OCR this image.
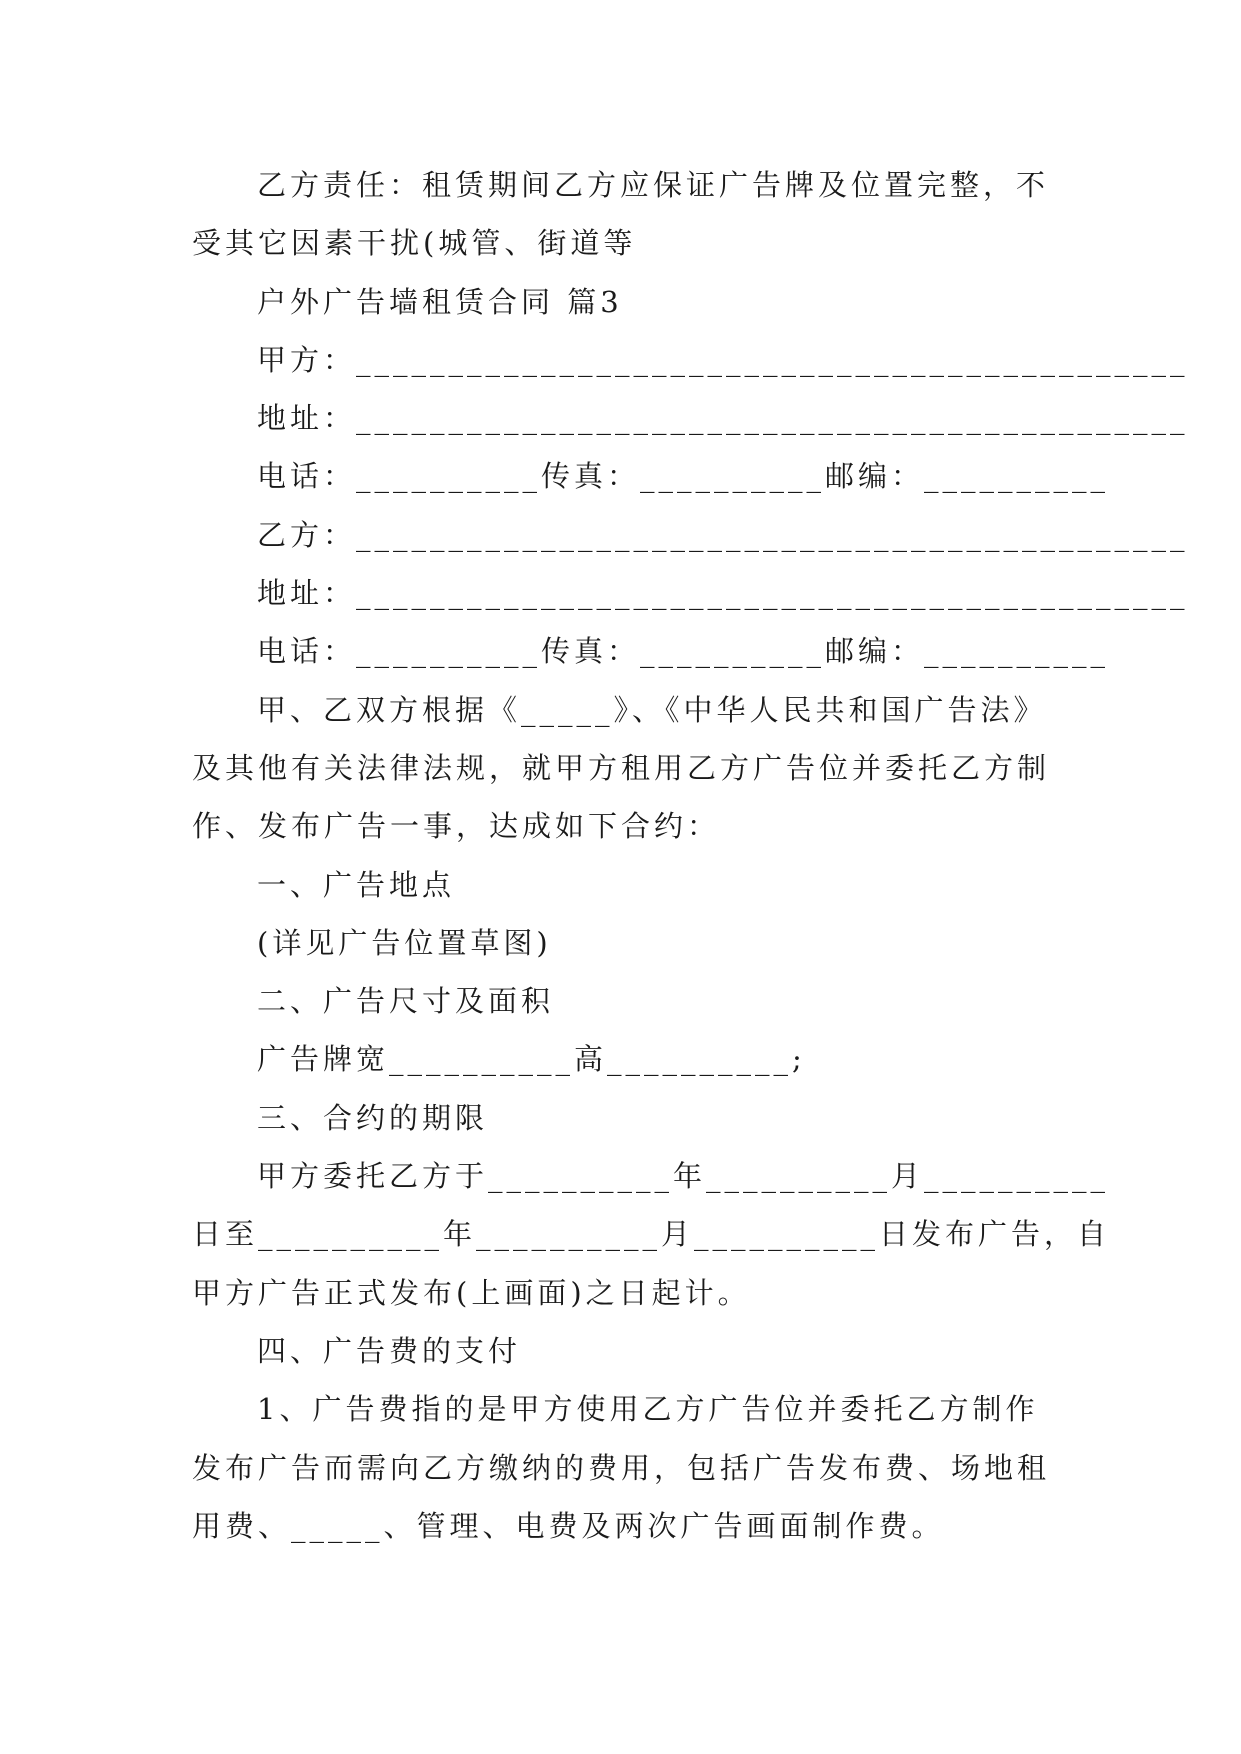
乙方责任：租赁期间乙方应保证广告牌及位置完整，不
受其它因素干扰(城管、街道等
户外广告墙租赁合同 篇3
甲方： _____________________________________________
地址： _____________________________________________
电话：__________传真：__________邮编：__________
乙方： _____________________________________________
地址： _____________________________________________
电话：__________传真：__________邮编：__________
甲、乙双方根据《_____》、《中华人民共和国广告法》
及其他有关法律法规，就甲方租用乙方广告位并委托乙方制
作、发布广告一事，达成如下合约：
一、广告地点
(详见广告位置草图)
二、广告尺寸及面积
广告牌宽__________高__________;
三、合约的期限
甲方委托乙方于__________年__________月__________
日至__________年__________月__________日发布广告，自
甲方广告正式发布(上画面)之日起计。
四、广告费的支付
1、广告费指的是甲方使用乙方广告位并委托乙方制作
发布广告而需向乙方缴纳的费用，包括广告发布费、场地租
用费、_____、管理、电费及两次广告画面制作费。
